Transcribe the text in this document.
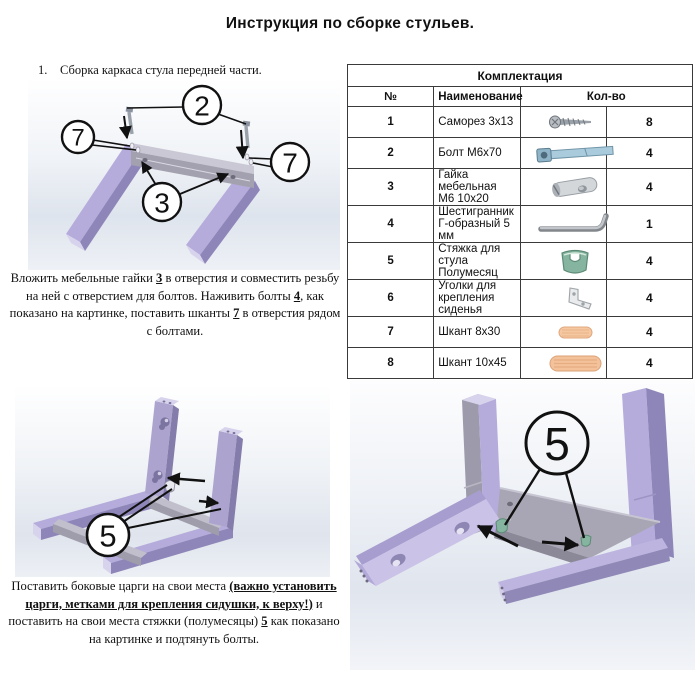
Инструкция по сборке стульев.
1. Сборка каркаса стула передней части.
2
7
3
7

Вложить мебельные гайки 3 в отверстия и совместить резьбу на ней с отверстием для болтов. Наживить болты 4, как показано на картинке, поставить шканты 7 в отверстия рядом с болтами.

Комплектация			
№	Наименование	Кол-во	
1	Саморез 3х13		8
2	Болт М6х70		4
3	Гайка мебельная М6 10х20		4
4	Шестигранник Г-образный 5 мм		1
5	Стяжка для стула Полумесяц		4
6	Уголки для крепления сиденья		4
7	Шкант 8х30		4
8	Шкант 10х45		4
5

Поставить боковые царги на свои места (важно установить царги, метками для крепления сидушки, к верху!) и поставить на свои места стяжки (полумесяцы) 5 как показано на картинке и подтянуть болты.

5
